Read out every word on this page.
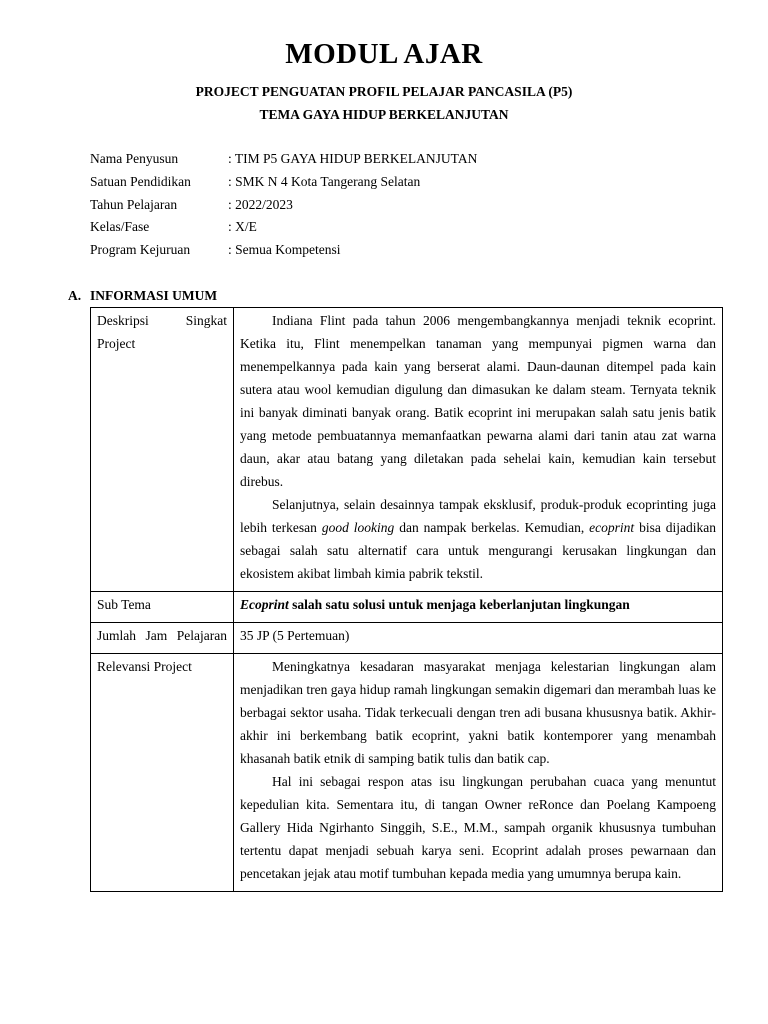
MODUL AJAR
PROJECT PENGUATAN PROFIL PELAJAR PANCASILA (P5)
TEMA GAYA HIDUP BERKELANJUTAN
Nama Penyusun	: TIM P5 GAYA HIDUP BERKELANJUTAN
Satuan Pendidikan	: SMK N 4 Kota Tangerang Selatan
Tahun Pelajaran	: 2022/2023
Kelas/Fase	: X/E
Program Kejuruan	: Semua Kompetensi
A. INFORMASI UMUM
Deskripsi Singkat Project	Indiana Flint pada tahun 2006 mengembangkannya menjadi teknik ecoprint. Ketika itu, Flint menempelkan tanaman yang mempunyai pigmen warna dan menempelkannya pada kain yang berserat alami. Daun-daunan ditempel pada kain sutera atau wool kemudian digulung dan dimasukan ke dalam steam. Ternyata teknik ini banyak diminati banyak orang. Batik ecoprint ini merupakan salah satu jenis batik yang metode pembuatannya memanfaatkan pewarna alami dari tanin atau zat warna daun, akar atau batang yang diletakan pada sehelai kain, kemudian kain tersebut direbus.

Selanjutnya, selain desainnya tampak eksklusif, produk-produk ecoprinting juga lebih terkesan good looking dan nampak berkelas. Kemudian, ecoprint bisa dijadikan sebagai salah satu alternatif cara untuk mengurangi kerusakan lingkungan dan ekosistem akibat limbah kimia pabrik tekstil.

Sub Tema	Ecoprint salah satu solusi untuk menjaga keberlanjutan lingkungan
Jumlah Jam Pelajaran	35 JP (5 Pertemuan)
Relevansi Project	Meningkatnya kesadaran masyarakat menjaga kelestarian lingkungan alam menjadikan tren gaya hidup ramah lingkungan semakin digemari dan merambah luas ke berbagai sektor usaha. Tidak terkecuali dengan tren adi busana khususnya batik. Akhir-akhir ini berkembang batik ecoprint, yakni batik kontemporer yang menambah khasanah batik etnik di samping batik tulis dan batik cap.

Hal ini sebagai respon atas isu lingkungan perubahan cuaca yang menuntut kepedulian kita. Sementara itu, di tangan Owner reRonce dan Poelang Kampoeng Gallery Hida Ngirhanto Singgih, S.E., M.M., sampah organik khususnya tumbuhan tertentu dapat menjadi sebuah karya seni. Ecoprint adalah proses pewarnaan dan pencetakan jejak atau motif tumbuhan kepada media yang umumnya berupa kain.
